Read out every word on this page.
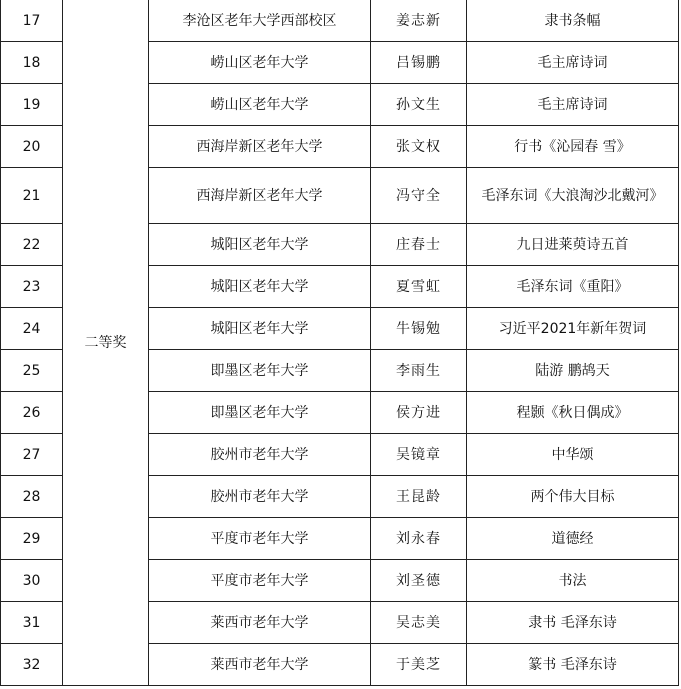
17	二等奖	李沧区老年大学西部校区	姜志新	隶书条幅
18		崂山区老年大学	吕锡鹏	毛主席诗词
19		崂山区老年大学	孙文生	毛主席诗词
20		西海岸新区老年大学	张文权	行书《沁园春 雪》
21		西海岸新区老年大学	冯守全	毛泽东词《大浪淘沙北戴河》
22		城阳区老年大学	庄春士	九日进莱萸诗五首
23		城阳区老年大学	夏雪虹	毛泽东词《重阳》
24		城阳区老年大学	牛锡勉	习近平2021年新年贺词
25		即墨区老年大学	李雨生	陆游 鹏鸪天
26		即墨区老年大学	侯方进	程颢《秋日偶成》
27		胶州市老年大学	吴镜章	中华颂
28		胶州市老年大学	王昆龄	两个伟大目标
29		平度市老年大学	刘永春	道德经
30		平度市老年大学	刘圣德	书法
31		莱西市老年大学	吴志美	隶书 毛泽东诗
32		莱西市老年大学	于美芝	篆书 毛泽东诗
